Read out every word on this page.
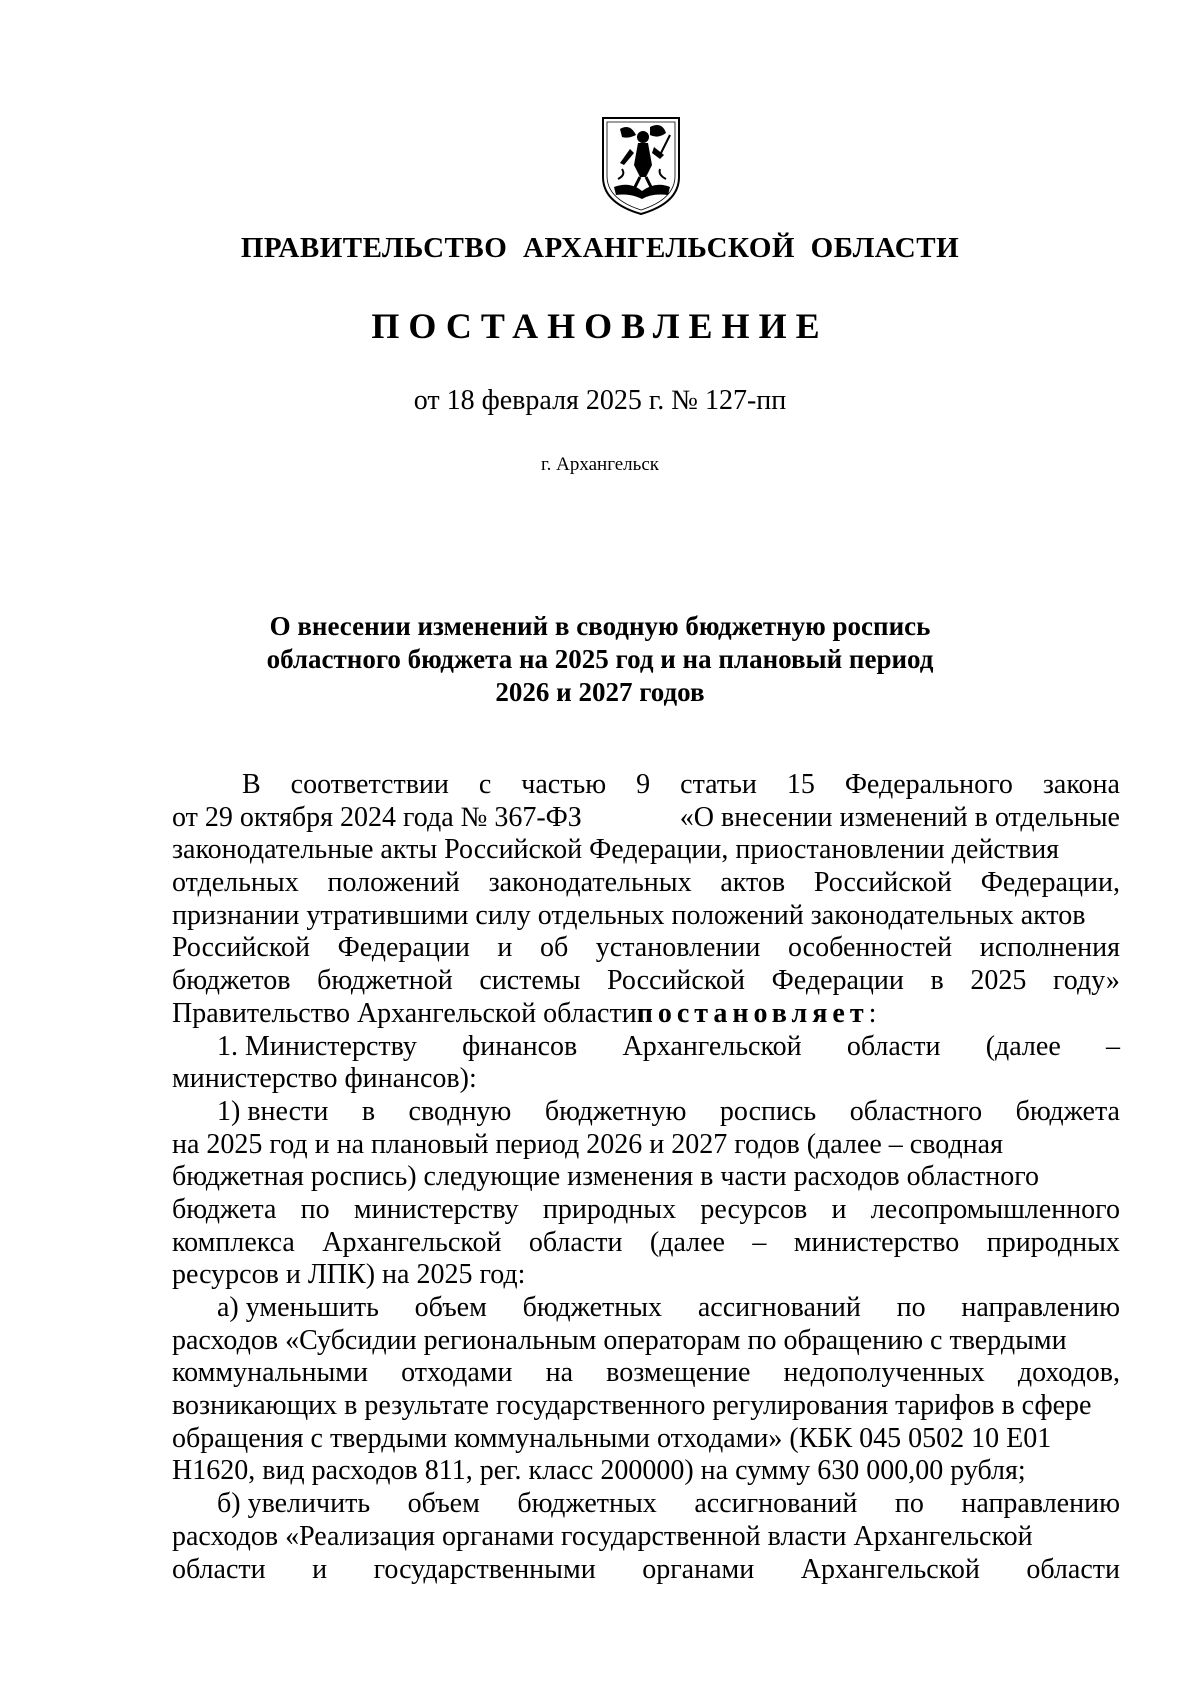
ПРАВИТЕЛЬСТВО АРХАНГЕЛЬСКОЙ ОБЛАСТИ
ПОСТАНОВЛЕНИЕ
от 18 февраля 2025 г. № 127-пп
г. Архангельск
О внесении изменений в сводную бюджетную роспись
областного бюджета на 2025 год и на плановый период
2026 и 2027 годов
В соответствии с частью 9 статьи 15 Федерального закона
от 29 октября 2024 года № 367-ФЗ	«О внесении изменений в отдельные
законодательные акты Российской Федерации, приостановлении действия
отдельных положений законодательных актов Российской Федерации,
признании утратившими силу отдельных положений законодательных актов
Российской Федерации и об установлении особенностей исполнения
бюджетов бюджетной системы Российской Федерации в 2025 году»
Правительство Архангельской области постановляет :
1. Министерству финансов Архангельской области (далее –
министерство финансов):
1) внести в сводную бюджетную роспись областного бюджета
на 2025 год и на плановый период 2026 и 2027 годов (далее – сводная
бюджетная роспись) следующие изменения в части расходов областного
бюджета по министерству природных ресурсов и лесопромышленного
комплекса Архангельской области (далее – министерство природных
ресурсов и ЛПК) на 2025 год:
а) уменьшить объем бюджетных ассигнований по направлению
расходов «Субсидии региональным операторам по обращению с твердыми
коммунальными отходами на возмещение недополученных доходов,
возникающих в результате государственного регулирования тарифов в сфере
обращения с твердыми коммунальными отходами» (КБК 045 0502 10 Е01
Н1620, вид расходов 811, рег. класс 200000) на сумму 630 000,00 рубля;
б) увеличить объем бюджетных ассигнований по направлению
расходов «Реализация органами государственной власти Архангельской
области и государственными органами Архангельской области
